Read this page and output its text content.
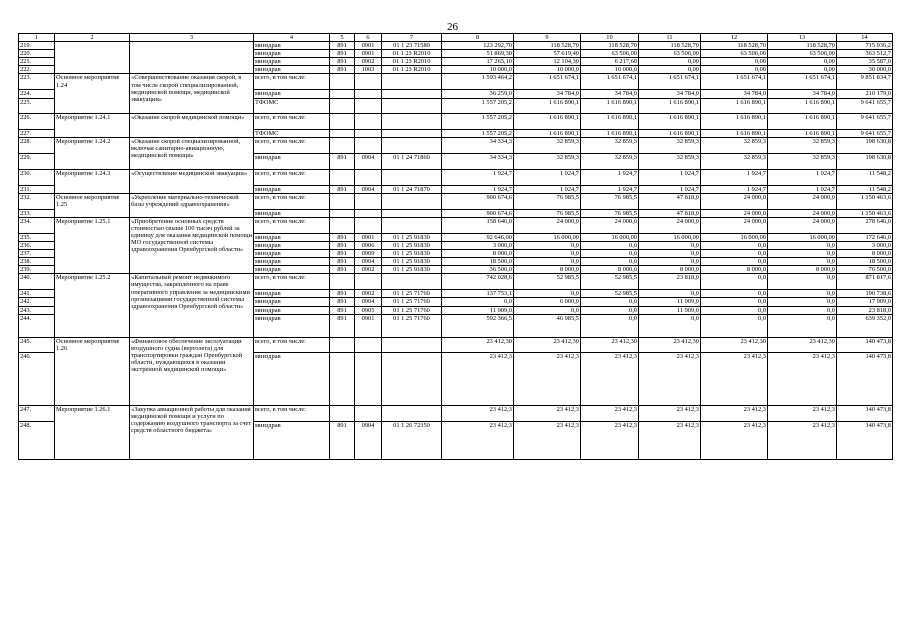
26
1	2	3	4	5	6	7	8	9	10	11	12	13	14
219.			минздрав	891	0901	01 1 23 71580	123 292,70	118 528,70	118 528,70	118 528,70	118 528,70	118 528,70	715 936,2
220.			минздрав	891	0901	01 1 23 R2010	51 869,30	57 619,40	63 506,00	63 506,00	63 506,00	63 506,00	363 512,7
221.			минздрав	891	0902	01 1 23 R2010	17 265,10	12 104,30	6 217,60	0,00	0,00	0,00	35 587,0
222.			минздрав	891	1003	01 1 23 R2010	10 000,0	10 000,0	10 000,0	0,00	0,00	0,00	30 000,0
223.	Основное мероприятие 1.24	«Совершенствование оказания скорой, в том числе скорой специализированной, медицинской помощи, медицинской эвакуации»	всего, в том числе:				1 593 464,2	1 651 674,1	1 651 674,1	1 651 674,1	1 651 674,1	1 651 674,1	9 851 834,7
224.			минздрав				36 259,0	34 784,0	34 784,0	34 784,0	34 784,0	34 784,0	210 179,0
225.			ТФОМС				1 557 205,2	1 616 890,1	1 616 890,1	1 616 890,1	1 616 890,1	1 616 890,1	9 641 655,7
226.	Мероприятие 1.24.1	«Оказание скорой медицинской помощи»	всего, в том числе:				1 557 205,2	1 616 890,1	1 616 890,1	1 616 890,1	1 616 890,1	1 616 890,1	9 641 655,7
227.			ТФОМС				1 557 205,2	1 616 890,1	1 616 890,1	1 616 890,1	1 616 890,1	1 616 890,1	9 641 655,7
228.	Мероприятие 1.24.2	«Оказание скорой специализированной, включая санитарно-авиационную, медицинской помощи»	всего, в том числе:				34 334,3	32 859,3	32 859,3	32 859,3	32 859,3	32 859,3	198 630,8
229.			минздрав	891	0904	01 1 24 71860	34 334,3	32 859,3	32 859,3	32 859,3	32 859,3	32 859,3	198 630,8
230.	Мероприятие 1.24.3	«Осуществление медицинской эвакуации»	всего, в том числе:				1 924,7	1 924,7	1 924,7	1 924,7	1 924,7	1 924,7	11 548,2
231.			минздрав	891	0904	01 1 24 71870	1 924,7	1 924,7	1 924,7	1 924,7	1 924,7	1 924,7	11 548,2
232.	Основное мероприятие 1.25	«Укрепление материально-технической базы учреждений здравоохранения»	всего, в том числе:				900 674,6	76 985,5	76 985,5	47 818,0	24 000,0	24 000,0	1 150 463,6
233.			минздрав				900 674,6	76 985,5	76 985,5	47 818,0	24 000,0	24 000,0	1 150 463,6
234.	Мероприятие 1.25.1	«Приобретение основных средств стоимостью свыше 100 тысяч рублей за единицу для оказания медицинской помощи МО государственной системы здравоохранения Оренбургской области»	всего, в том числе:				158 646,0	24 000,0	24 000,0	24 000,0	24 000,0	24 000,0	278 646,0
235.			минздрав	891	0901	01 1 25 91830	92 646,00	16 000,00	16 000,00	16 000,00	16 000,00	16 000,00	172 646,0
236.			минздрав	891	0906	01 1 25 91830	3 000,0	0,0	0,0	0,0	0,0	0,0	3 000,0
237.			минздрав	891	0909	01 1 25 91830	8 000,0	0,0	0,0	0,0	0,0	0,0	8 000,0
238.			минздрав	891	0904	01 1 25 91830	18 500,0	0,0	0,0	0,0	0,0	0,0	18 500,0
239.			минздрав	891	0902	01 1 25 91830	36 500,0	8 000,0	8 000,0	8 000,0	8 000,0	8 000,0	76 500,0
240.	Мероприятие 1.25.2	«Капитальный ремонт недвижимого имущества, закрепленного на праве оперативного управления за медицинскими организациями государственной системы здравоохранения Оренбургской области»	всего, в том числе:				742 028,6	52 985,5	52 985,5	23 818,0	0,0	0,0	871 817,6
241.			минздрав	891	0902	01 1 25 71760	137 753,1	0,0	52 985,5	0,0	0,0	0,0	190 738,6
242.			минздрав	891	0904	01 1 25 71760	0,0	6 000,0	0,0	11 909,0	0,0	0,0	17 909,0
243.			минздрав	891	0905	01 1 25 71760	11 909,0	0,0	0,0	11 909,0	0,0	0,0	23 818,0
244.			минздрав	891	0901	01 1 25 71760	592 366,5	46 985,5	0,0	0,0	0,0	0,0	639 352,0
245.	Основное мероприятие 1.26	«Финансовое обеспечение эксплуатации воздушного судна (вертолета) для транспортировки граждан Оренбургской области, нуждающихся в оказании экстренной медицинской помощи»	всего, в том числе:				23 412,30	23 412,30	23 412,30	23 412,30	23 412,30	23 412,30	140 473,8
246.			минздрав				23 412,3	23 412,3	23 412,3	23 412,3	23 412,3	23 412,3	140 473,8
247.	Мероприятие 1.26.1	«Закупка авиационной работы для оказания медицинской помощи и услуги по содержанию воздушного транспорта за счет средств областного бюджета»	всего, в том числе:				23 412,3	23 412,3	23 412,3	23 412,3	23 412,3	23 412,3	140 473,8
248.			минздрав	891	0904	01 1 26 72350	23 412,3	23 412,3	23 412,3	23 412,3	23 412,3	23 412,3	140 473,8
